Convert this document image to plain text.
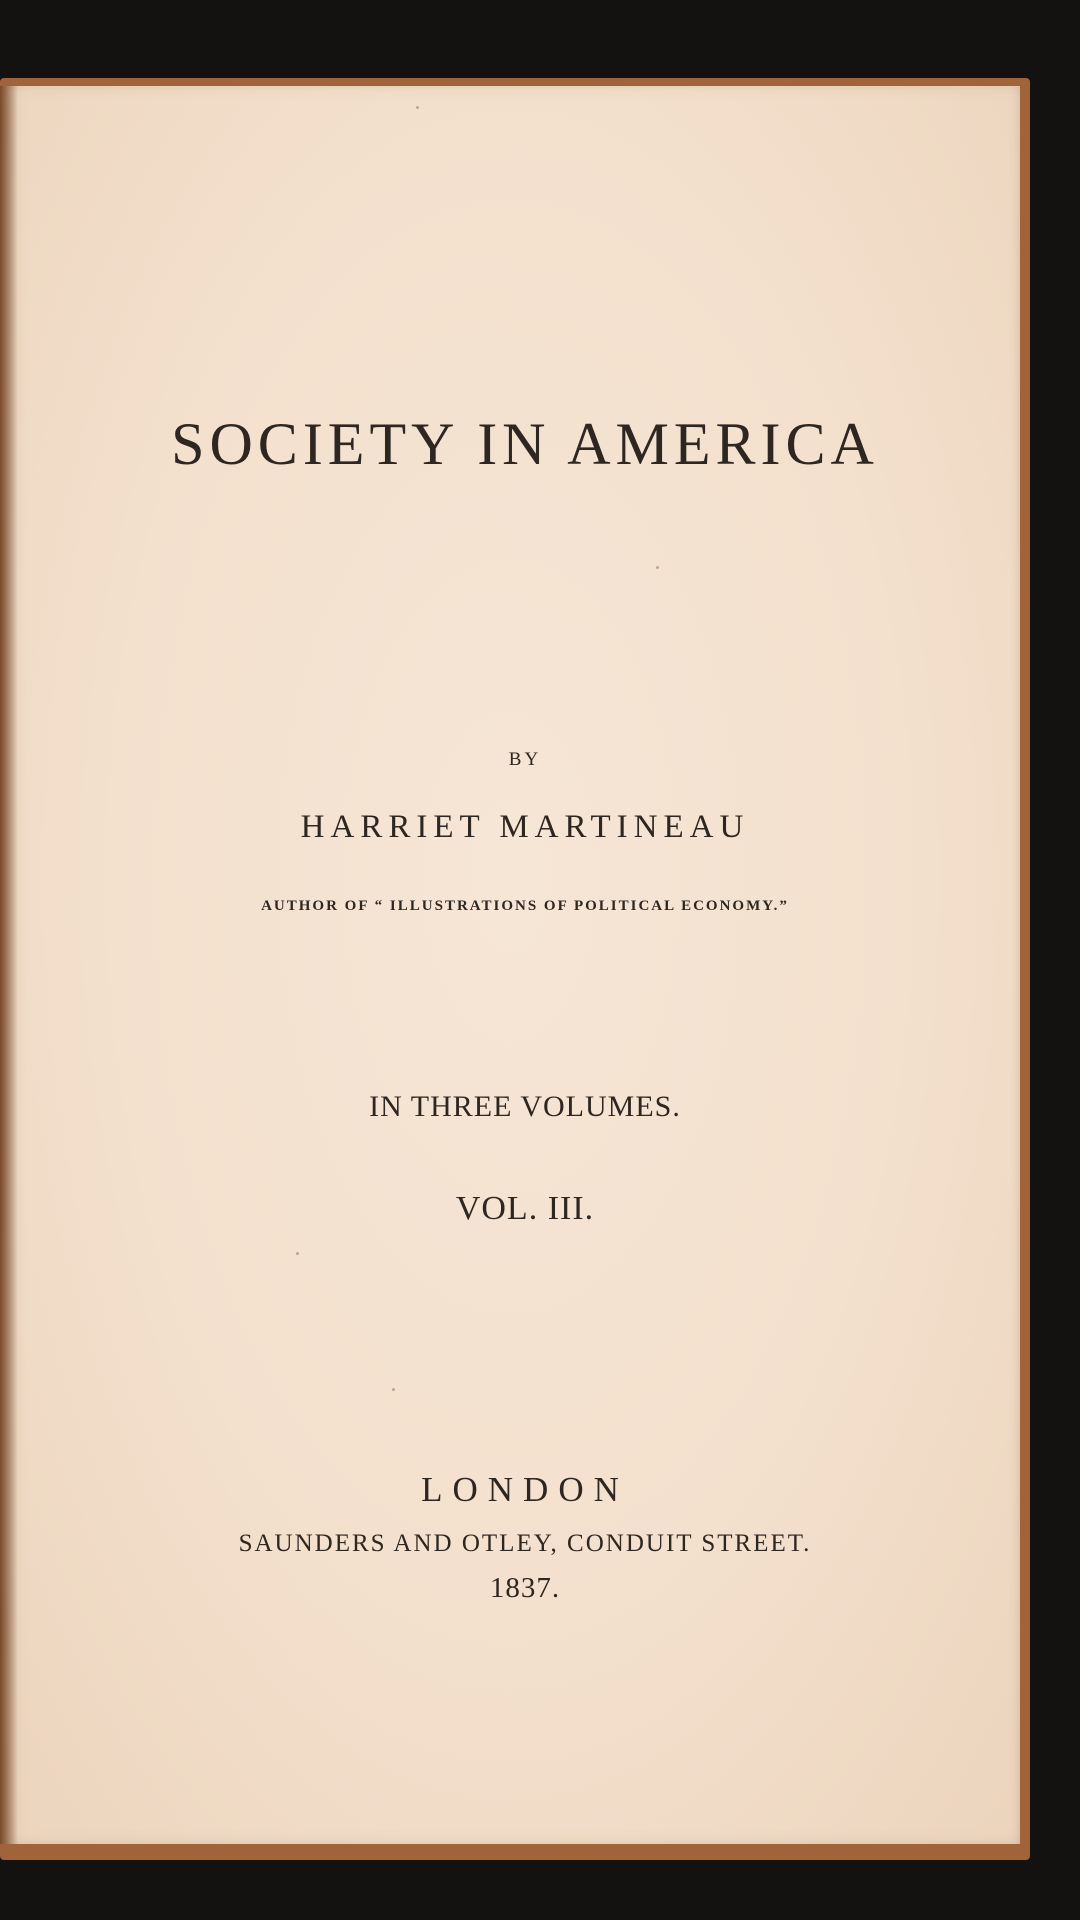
SOCIETY IN AMERICA
BY
HARRIET MARTINEAU
AUTHOR OF “ ILLUSTRATIONS OF POLITICAL ECONOMY.”
IN THREE VOLUMES.
VOL. III.
LONDON
SAUNDERS AND OTLEY, CONDUIT STREET.
1837.
